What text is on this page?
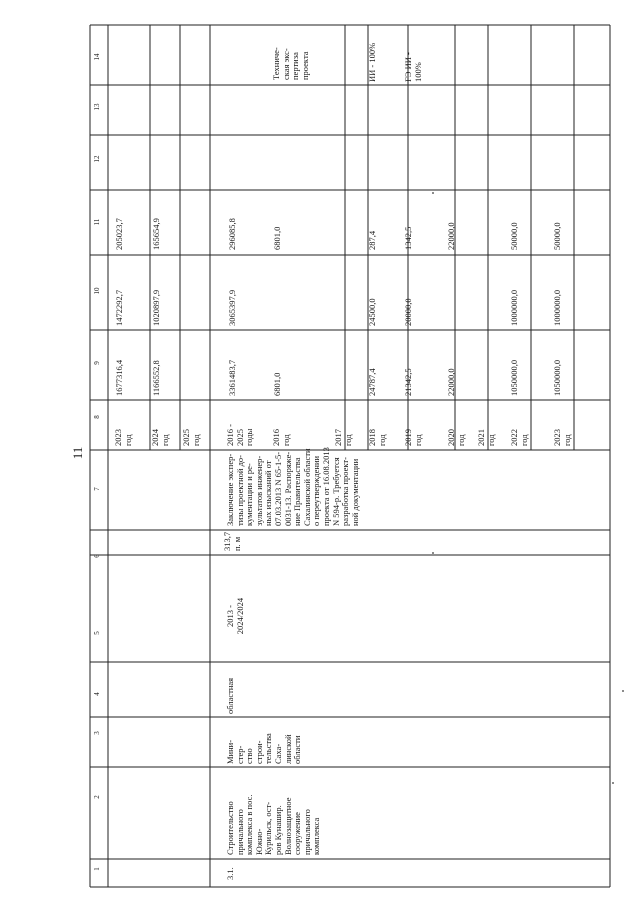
11
1
2
3
4
5
6
7
8
9
10
11
12
13
14
2023
год
1677316,4
1472292,7
205023,7
2024
год
1166552,8
1020897,9
165654,9
2025
год
3.1.
Строительство
причального
комплекса в пос.
Южно-
Курильск, ост-
ров Кунашир.
Волнозащитное
сооружение
причального
комплекса
Мини-
стер-
ство
строи-
тельства
Саха-
линской
области
областная
2013 -
2024/2024
313,7
п. м
Заключение экспер-
тизы проектной до-
кументации и ре-
зультатов инженер-
ных изысканий от
07.03.2013 N 65-1-5-
0031-13. Распоряже-
ние Правительства
Сахалинской области
о переутверждении
проекта от 16.08.2013
N 594-р. Требуется
разработка проект-
ной документации
2016 -
2025
годы
3361483,7
3065397,9
296085,8
2016
год
6801,0
6801,0
Техниче-
ская экс-
пертиза
проекта
2017
год	2018
год
24787,4
24500,0
287,4
ИИ - 100%
2019
год
21342,5
20000,0
1342,5
ГЭ ИИ -
100%
2020
год
22000,0
22000,0
2021
год	2022
год
1050000,0
1000000,0
50000,0
2023
год
1050000,0
1000000,0
50000,0
